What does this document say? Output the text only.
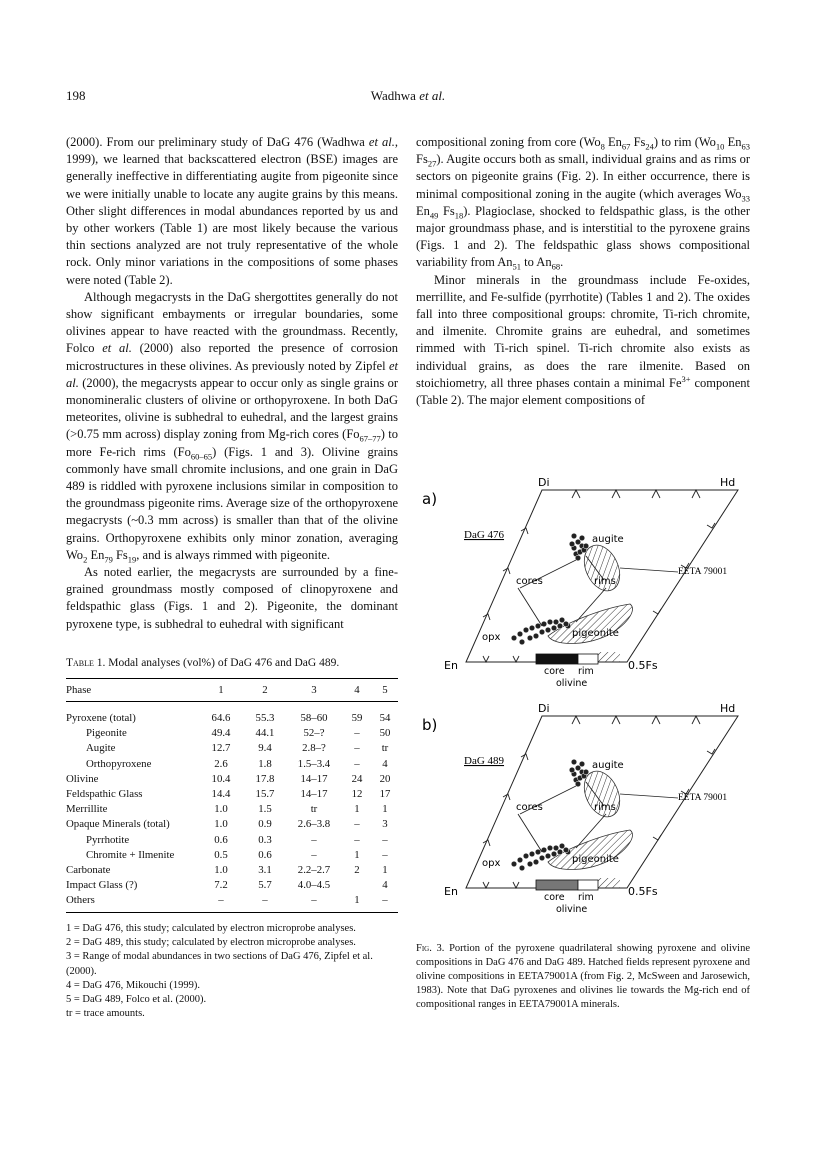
198	Wadhwa et al.

(2000). From our preliminary study of DaG 476 (Wadhwa et al., 1999), we learned that backscattered electron (BSE) images are generally ineffective in differentiating augite from pigeonite since we were initially unable to locate any augite grains by this means. Other slight differences in modal abundances reported by us and by other workers (Table 1) are most likely because the various thin sections analyzed are not truly representative of the whole rock. Only minor variations in the compositions of some phases were noted (Table 2).

Although megacrysts in the DaG shergottites generally do not show significant embayments or irregular boundaries, some olivines appear to have reacted with the groundmass. Recently, Folco et al. (2000) also reported the presence of corrosion microstructures in these olivines. As previously noted by Zipfel et al. (2000), the megacrysts appear to occur only as single grains or monomineralic clusters of olivine or orthopyroxene. In both DaG meteorites, olivine is subhedral to euhedral, and the largest grains (>0.75 mm across) display zoning from Mg-rich cores $(Fo_{67-77})$ to more Fe-rich rims $(Fo_{60-65})$ (Figs. 1 and 3). Olivine grains commonly have small chromite inclusions, and one grain in DaG 489 is riddled with pyroxene inclusions similar in composition to the groundmass pigeonite rims. Average size of the orthopyroxene megacrysts (~0.3 mm across) is smaller than that of the olivine grains. Orthopyroxene exhibits only minor zonation, averaging $Wo_2$ $En_{79}$ $Fs_{19}$, and is always rimmed with pigeonite.

As noted earlier, the megacrysts are surrounded by a fine-grained groundmass mostly composed of clinopyroxene and feldspathic glass (Figs. 1 and 2). Pigeonite, the dominant pyroxene type, is subhedral to euhedral with significant

compositional zoning from core ($Wo_8$ $En_{67}$ $Fs_{24}$) to rim ($Wo_{10}$ $En_{63}$ $Fs_{27}$). Augite occurs both as small, individual grains and as rims or sectors on pigeonite grains (Fig. 2). In either occurrence, there is minimal compositional zoning in the augite (which averages $Wo_{33}$ $En_{49}$ $Fs_{18}$). Plagioclase, shocked to feldspathic glass, is the other major groundmass phase, and is interstitial to the pyroxene grains (Figs. 1 and 2). The feldspathic glass shows compositional variability from $An_{51}$ to $An_{68}$.

Minor minerals in the groundmass include Fe-oxides, merrillite, and Fe-sulfide (pyrrhotite) (Tables 1 and 2). The oxides fall into three compositional groups: chromite, Ti-rich chromite, and ilmenite. Chromite grains are euhedral, and sometimes rimmed with Ti-rich spinel. Ti-rich chromite also exists as individual grains, as does the rare ilmenite. Based on stoichiometry, all three phases contain a minimal $Fe^{3+}$ component (Table 2). The major element compositions of

Table 1. Modal analyses (vol%) of DaG 476 and DaG 489.
Phase	1	2	3	4	5
Pyroxene (total)	64.6	55.3	58–60	59	54
Pigeonite	49.4	44.1	52–?	–	50
Augite	12.7	9.4	2.8–?	–	tr
Orthopyroxene	2.6	1.8	1.5–3.4	–	4
Olivine	10.4	17.8	14–17	24	20
Feldspathic Glass	14.4	15.7	14–17	12	17
Merrillite	1.0	1.5	tr	1	1
Opaque Minerals (total)	1.0	0.9	2.6–3.8	–	3
Pyrrhotite	0.6	0.3	–	–	–
Chromite + Ilmenite	0.5	0.6	–	1	–
Carbonate	1.0	3.1	2.2–2.7	2	1
Impact Glass (?)	7.2	5.7	4.0–4.5		4
Others	–	–	–	1	–
1 = DaG 476, this study; calculated by electron microprobe analyses.
2 = DaG 489, this study; calculated by electron microprobe analyses.
3 = Range of modal abundances in two sections of DaG 476, Zipfel et al. (2000).
4 = DaG 476, Mikouchi (1999).
5 = DaG 489, Folco et al. (2000).
tr = trace amounts.
a)
Di	Hd
En	0.5Fs
DaG 476	augite
cores	rims
opx	pigeonite
EETA 79001
core rim
olivine
b)
Di	Hd
En	0.5Fs
DaG 489	augite
cores	rims
opx	pigeonite
EETA 79001
core rim
olivine
Fig. 3. Portion of the pyroxene quadrilateral showing pyroxene and olivine compositions in DaG 476 and DaG 489. Hatched fields represent pyroxene and olivine compositions in EETA79001A (from Fig. 2, McSween and Jarosewich, 1983). Note that DaG pyroxenes and olivines lie towards the Mg-rich end of compositional ranges in EETA79001A minerals.
